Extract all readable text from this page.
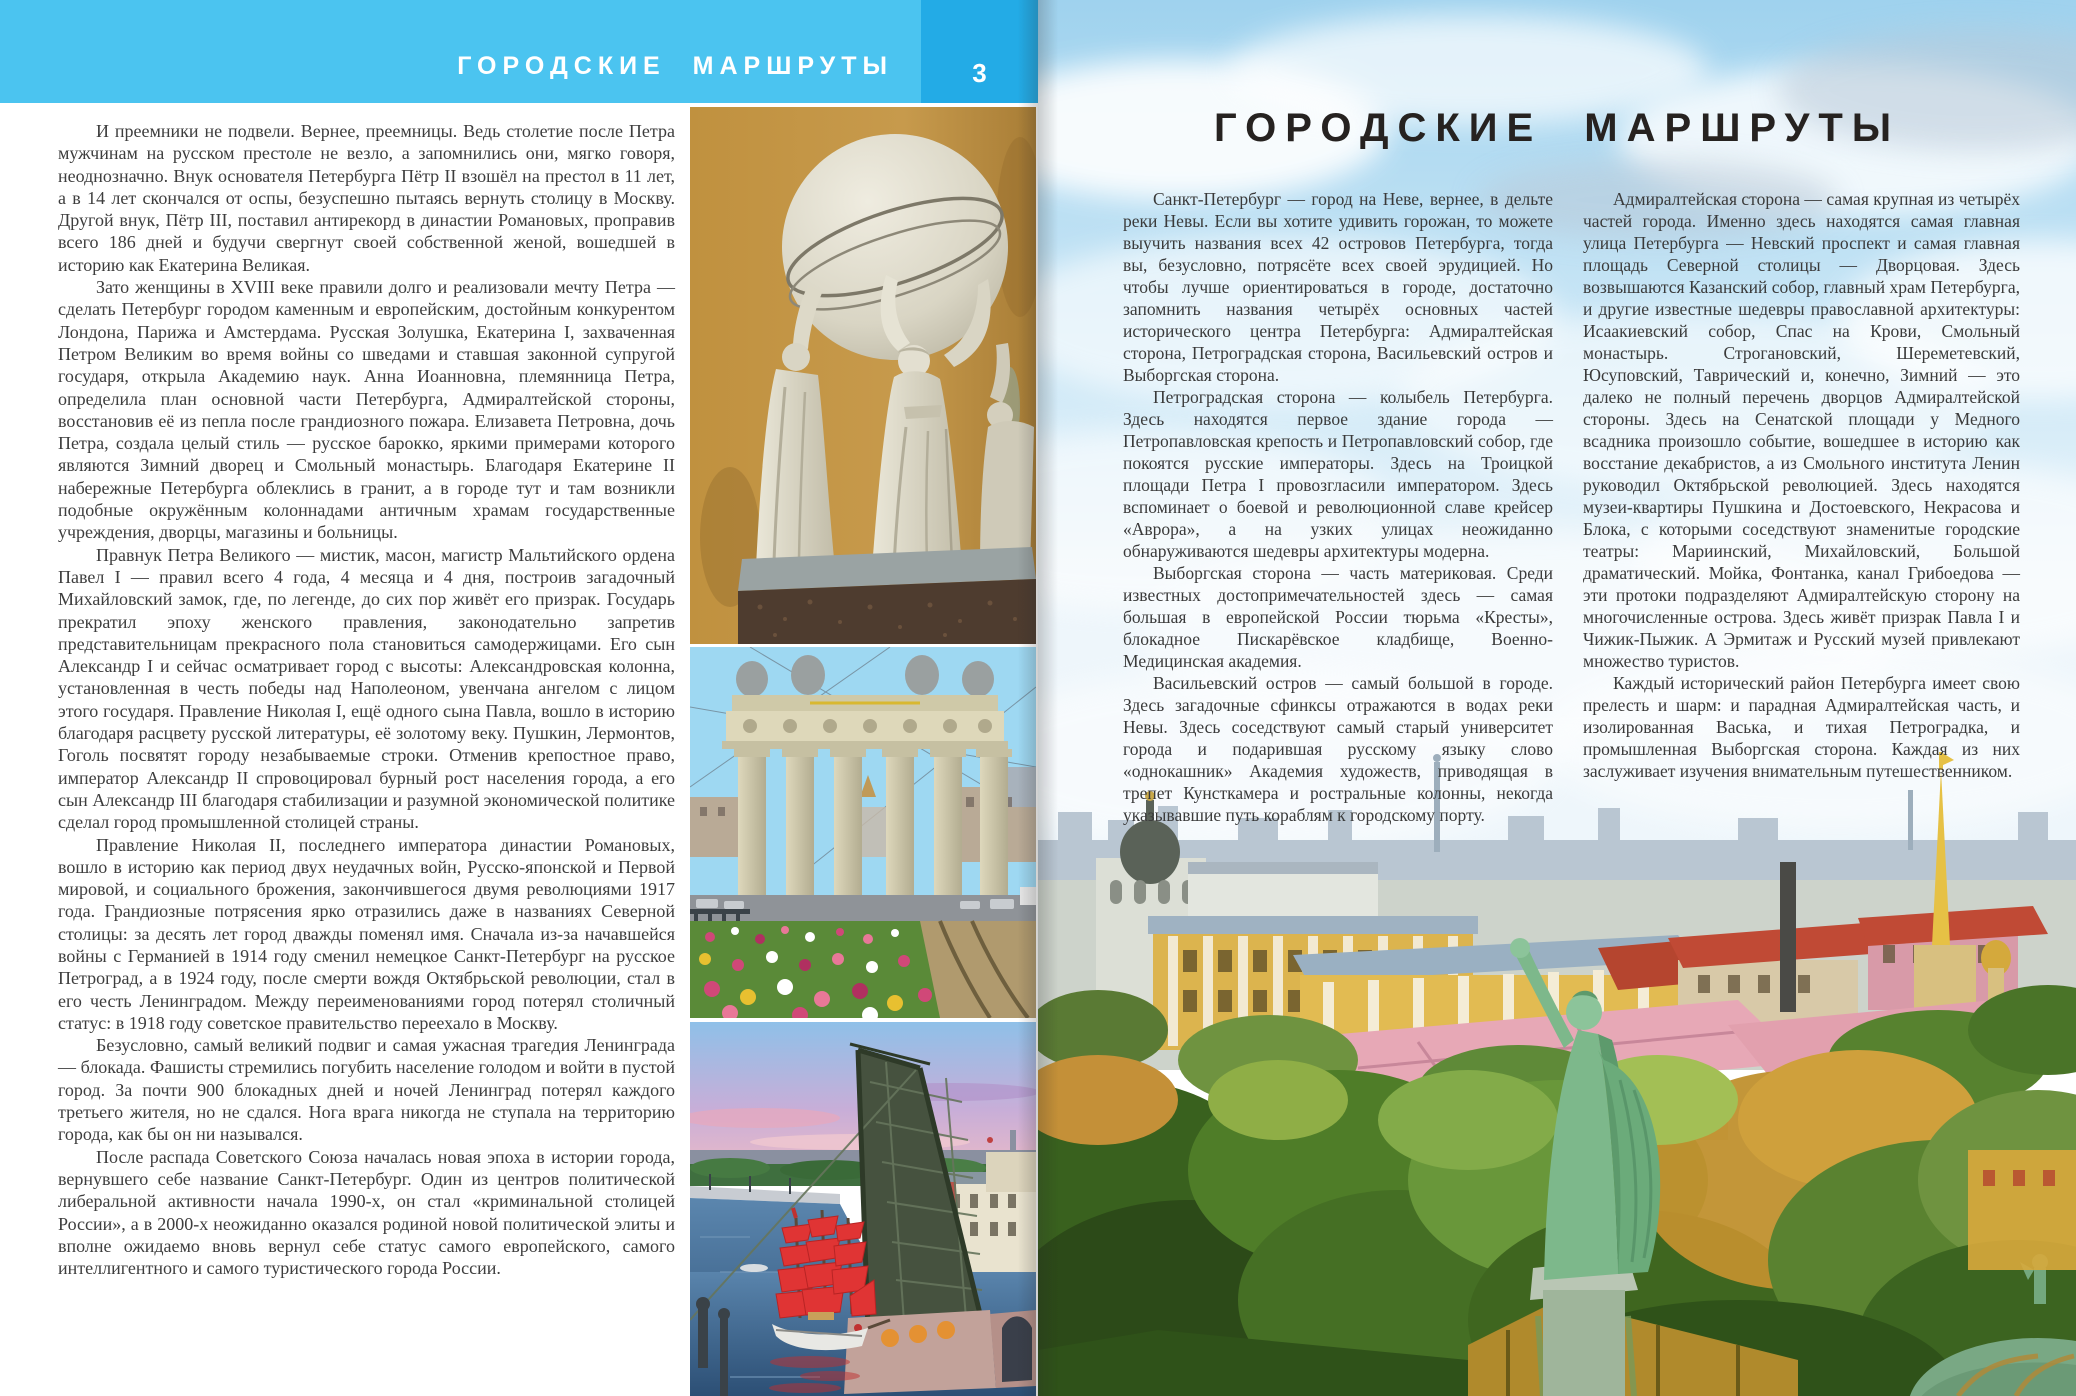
ГОРОДСКИЕ МАРШРУТЫ	3

И преемники не подвели. Вернее, преемницы. Ведь столетие после Петра мужчинам на русском престоле не везло, а запомнились они, мягко говоря, неоднозначно. Внук основателя Петербурга Пётр II взошёл на престол в 11 лет, а в 14 лет скончался от оспы, безуспешно пытаясь вернуть столицу в Москву. Другой внук, Пётр III, поставил антирекорд в династии Романовых, проправив всего 186 дней и будучи свергнут своей собственной женой, вошедшей в историю как Екатерина Великая.

Зато женщины в XVIII веке правили долго и реализовали мечту Петра — сделать Петербург городом каменным и европейским, достойным конкурентом Лондона, Парижа и Амстердама. Русская Золушка, Екатерина I, захваченная Петром Великим во время войны со шведами и ставшая законной супругой государя, открыла Академию наук. Анна Иоанновна, племянница Петра, определила план основной части Петербурга, Адмиралтейской стороны, восстановив её из пепла после грандиозного пожара. Елизавета Петровна, дочь Петра, создала целый стиль — русское барокко, яркими примерами которого являются Зимний дворец и Смольный монастырь. Благодаря Екатерине II набережные Петербурга облеклись в гранит, а в городе тут и там возникли подобные окружённым колоннадами античным храмам государственные учреждения, дворцы, магазины и больницы.

Правнук Петра Великого — мистик, масон, магистр Мальтийского ордена Павел I — правил всего 4 года, 4 месяца и 4 дня, построив загадочный Михайловский замок, где, по легенде, до сих пор живёт его призрак. Государь прекратил эпоху женского правления, законодательно запретив представительницам прекрасного пола становиться самодержицами. Его сын Александр I и сейчас осматривает город с высоты: Александровская колонна, установленная в честь победы над Наполеоном, увенчана ангелом с лицом этого государя. Правление Николая I, ещё одного сына Павла, вошло в историю благодаря расцвету русской литературы, её золотому веку. Пушкин, Лермонтов, Гоголь посвятят городу незабываемые строки. Отменив крепостное право, император Александр II спровоцировал бурный рост населения города, а его сын Александр III благодаря стабилизации и разумной экономической политике сделал город промышленной столицей страны.

Правление Николая II, последнего императора династии Романовых, вошло в историю как период двух неудачных войн, Русско-японской и Первой мировой, и социального брожения, закончившегося двумя революциями 1917 года. Грандиозные потрясения ярко отразились даже в названиях Северной столицы: за десять лет город дважды поменял имя. Сначала из-за начавшейся войны с Германией в 1914 году сменил немецкое Санкт-Петербург на русское Петроград, а в 1924 году, после смерти вождя Октябрьской революции, стал в его честь Ленинградом. Между переименованиями город потерял столичный статус: в 1918 году советское правительство переехало в Москву.

Безусловно, самый великий подвиг и самая ужасная трагедия Ленинграда — блокада. Фашисты стремились погубить население голодом и войти в пустой город. За почти 900 блокадных дней и ночей Ленинград потерял каждого третьего жителя, но не сдался. Нога врага никогда не ступала на территорию города, как бы он ни назывался.

После распада Советского Союза началась новая эпоха в истории города, вернувшего себе название Санкт-Петербург. Один из центров политической либеральной активности начала 1990-х, он стал «криминальной столицей России», а в 2000-х неожиданно оказался родиной новой политической элиты и вполне ожидаемо вновь вернул себе статус самого европейского, самого интеллигентного и самого туристического города России.

ГОРОДСКИЕ МАРШРУТЫ

Санкт-Петербург — город на Неве, вернее, в дельте реки Невы. Если вы хотите удивить горожан, то можете выучить названия всех 42 островов Петербурга, тогда вы, безусловно, потрясёте всех своей эрудицией. Но чтобы лучше ориентироваться в городе, достаточно запомнить названия четырёх основных частей исторического центра Петербурга: Адмиралтейская сторона, Петроградская сторона, Васильевский остров и Выборгская сторона.

Петроградская сторона — колыбель Петербурга. Здесь находятся первое здание города — Петропавловская крепость и Петропавловский собор, где покоятся русские императоры. Здесь на Троицкой площади Петра I провозгласили императором. Здесь вспоминает о боевой и революционной славе крейсер «Аврора», а на узких улицах неожиданно обнаруживаются шедевры архитектуры модерна.

Выборгская сторона — часть материковая. Среди известных достопримечательностей здесь — самая большая в европейской России тюрьма «Кресты», блокадное Пискарёвское кладбище, Военно-Медицинская академия.

Васильевский остров — самый большой в городе. Здесь загадочные сфинксы отражаются в водах реки Невы. Здесь соседствуют самый старый университет города и подарившая русскому языку слово «однокашник» Академия художеств, приводящая в трепет Кунсткамера и ростральные колонны, некогда указывавшие путь кораблям к городскому порту.

Адмиралтейская сторона — самая крупная из четырёх частей города. Именно здесь находятся самая главная улица Петербурга — Невский проспект и самая главная площадь Северной столицы — Дворцовая. Здесь возвышаются Казанский собор, главный храм Петербурга, и другие известные шедевры православной архитектуры: Исаакиевский собор, Спас на Крови, Смольный монастырь. Строгановский, Шереметевский, Юсуповский, Таврический и, конечно, Зимний — это далеко не полный перечень дворцов Адмиралтейской стороны. Здесь на Сенатской площади у Медного всадника произошло событие, вошедшее в историю как восстание декабристов, а из Смольного института Ленин руководил Октябрьской революцией. Здесь находятся музеи-квартиры Пушкина и Достоевского, Некрасова и Блока, с которыми соседствуют знаменитые городские театры: Мариинский, Михайловский, Большой драматический. Мойка, Фонтанка, канал Грибоедова — эти протоки подразделяют Адмиралтейскую сторону на многочисленные острова. Здесь живёт призрак Павла I и Чижик-Пыжик. А Эрмитаж и Русский музей привлекают множество туристов.

Каждый исторический район Петербурга имеет свою прелесть и шарм: и парадная Адмиралтейская часть, и изолированная Васька, и тихая Петроградка, и промышленная Выборгская сторона. Каждая из них заслуживает изучения внимательным путешественником.
